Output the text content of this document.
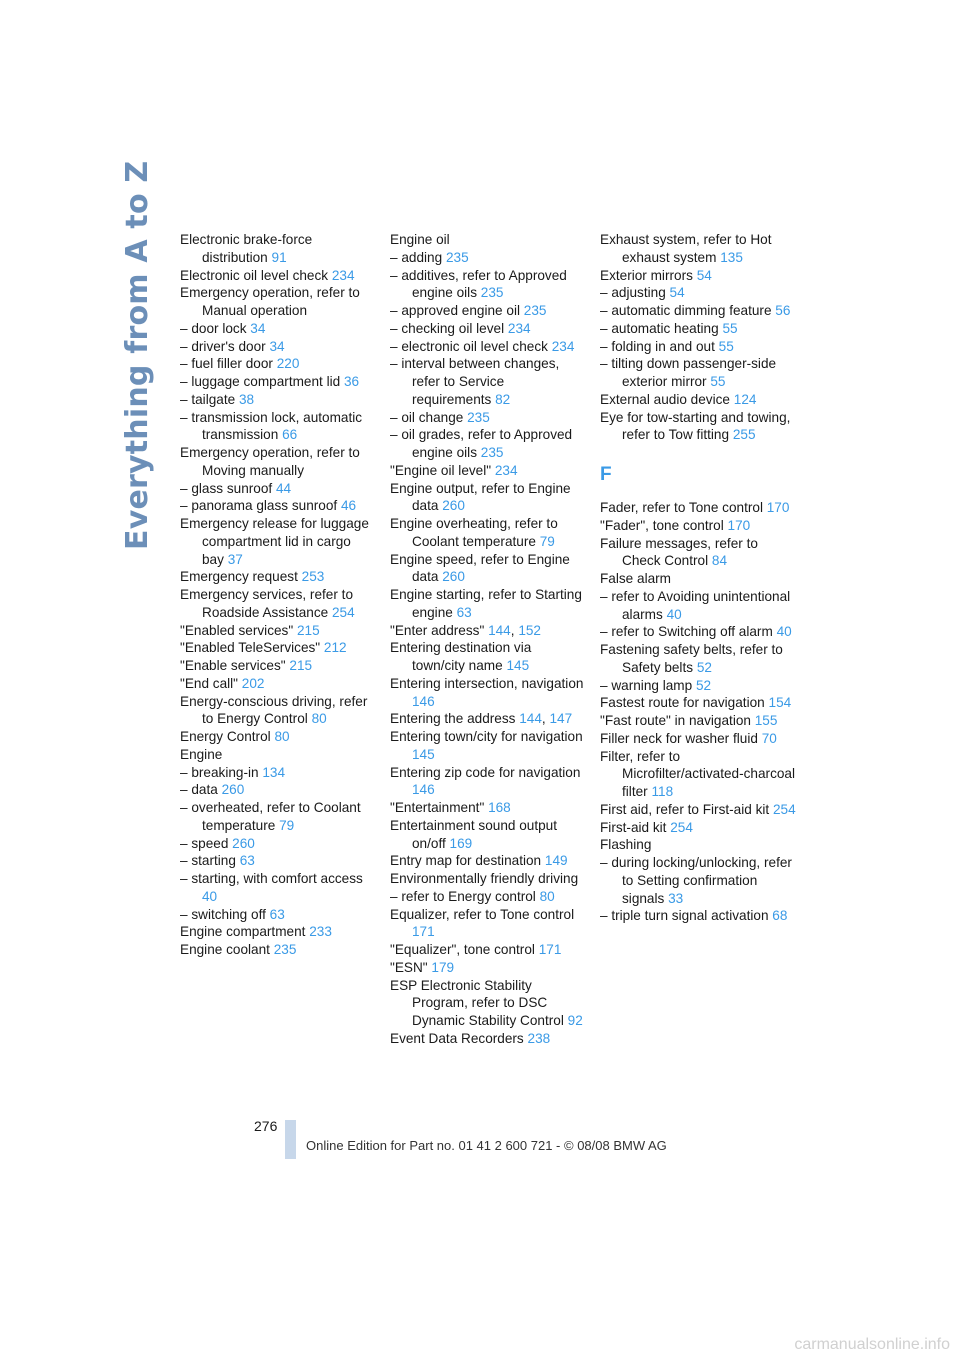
Everything from A to Z Electronic brake-force distribution 91
Electronic oil level check 234
Emergency operation, refer to Manual operation
– door lock 34
– driver's door 34
– fuel filler door 220
– luggage compartment lid 36
– tailgate 38
– transmission lock, automatic transmission 66
Emergency operation, refer to Moving manually
– glass sunroof 44
– panorama glass sunroof 46
Emergency release for luggage compartment lid in cargo bay 37
Emergency request 253
Emergency services, refer to Roadside Assistance 254
"Enabled services" 215
"Enabled TeleServices" 212
"Enable services" 215
"End call" 202
Energy-conscious driving, refer to Energy Control 80
Energy Control 80
Engine
– breaking-in 134
– data 260
– overheated, refer to Coolant temperature 79
– speed 260
– starting 63
– starting, with comfort access 40
– switching off 63
Engine compartment 233
Engine coolant 235
Engine oil
– adding 235
– additives, refer to Approved engine oils 235
– approved engine oil 235
– checking oil level 234
– electronic oil level check 234
– interval between changes, refer to Service requirements 82
– oil change 235
– oil grades, refer to Approved engine oils 235
"Engine oil level" 234
Engine output, refer to Engine data 260
Engine overheating, refer to Coolant temperature 79
Engine speed, refer to Engine data 260
Engine starting, refer to Starting engine 63
"Enter address" 144, 152
Entering destination via town/city name 145
Entering intersection, navigation 146
Entering the address 144, 147
Entering town/city for navigation 145
Entering zip code for navigation 146
"Entertainment" 168
Entertainment sound output on/off 169
Entry map for destination 149
Environmentally friendly driving
– refer to Energy control 80
Equalizer, refer to Tone control 171
"Equalizer", tone control 171
"ESN" 179
ESP Electronic Stability Program, refer to DSC Dynamic Stability Control 92
Event Data Recorders 238
Exhaust system, refer to Hot exhaust system 135
Exterior mirrors 54
– adjusting 54
– automatic dimming feature 56
– automatic heating 55
– folding in and out 55
– tilting down passenger-side exterior mirror 55
External audio device 124
Eye for tow-starting and towing, refer to Tow fitting 255
F
Fader, refer to Tone control 170
"Fader", tone control 170
Failure messages, refer to Check Control 84
False alarm
– refer to Avoiding unintentional alarms 40
– refer to Switching off alarm 40
Fastening safety belts, refer to Safety belts 52
– warning lamp 52
Fastest route for navigation 154
"Fast route" in navigation 155
Filler neck for washer fluid 70
Filter, refer to Microfilter/activated-charcoal filter 118
First aid, refer to First-aid kit 254
First-aid kit 254
Flashing
– during locking/unlocking, refer to Setting confirmation signals 33
– triple turn signal activation 68
276
Online Edition for Part no. 01 41 2 600 721 - © 08/08 BMW AG
carmanualsonline.info
